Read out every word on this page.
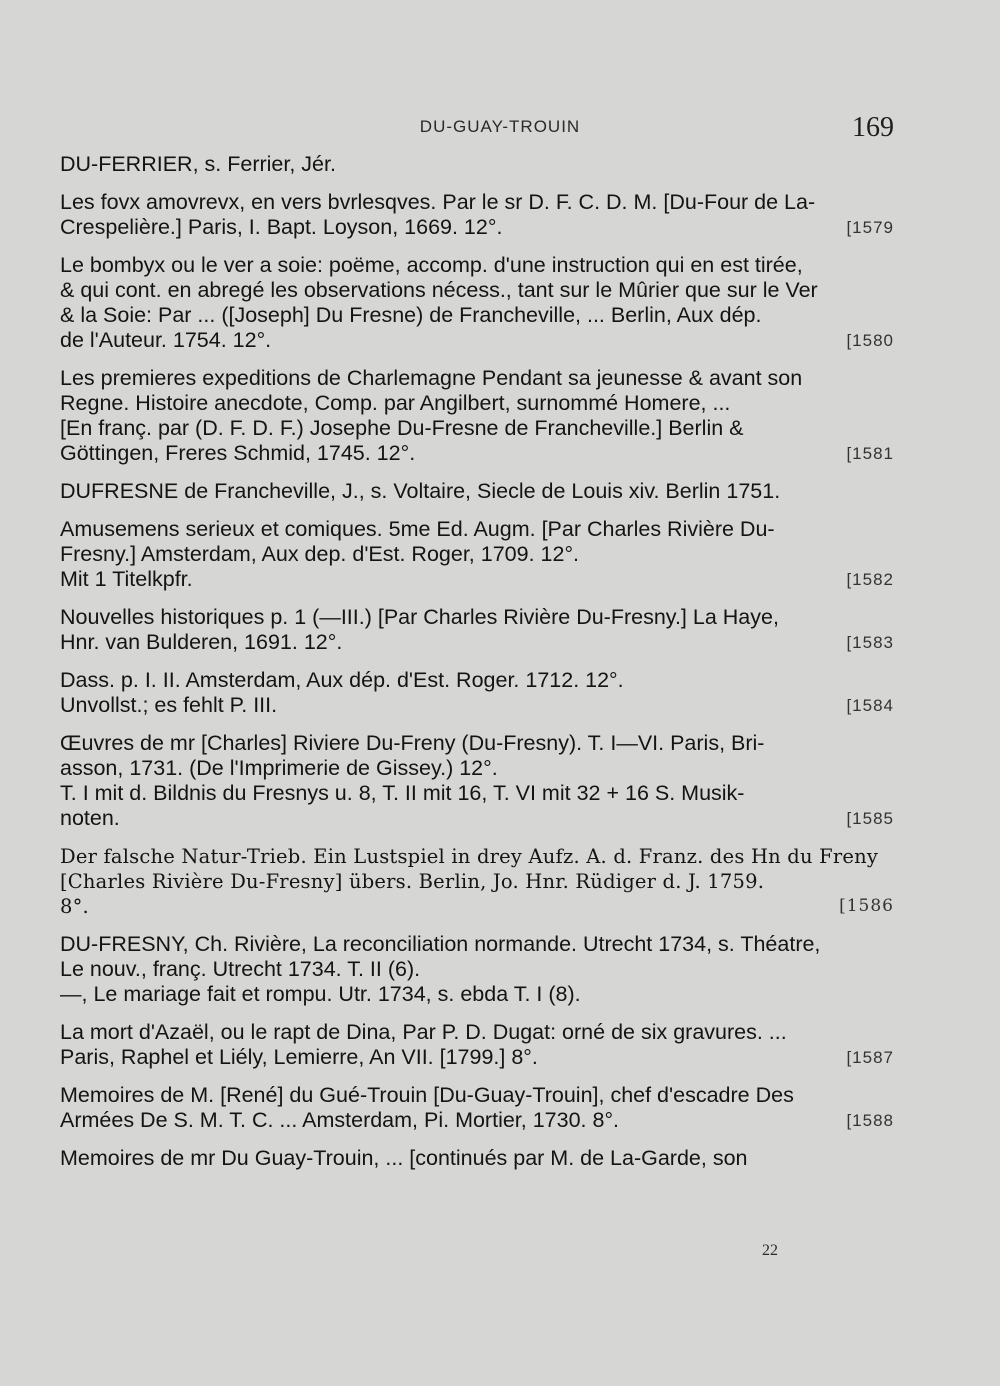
DU-GUAY-TROUIN	169
DU-FERRIER, s. Ferrier, Jér.
Les fovx amovrevx, en vers bvrlesqves. Par le sr D. F. C. D. M. [Du-Four de La-
Crespelière.] Paris, I. Bapt. Loyson, 1669. 12°.	[1579
Le bombyx ou le ver a soie: poëme, accomp. d'une instruction qui en est tirée,
& qui cont. en abregé les observations nécess., tant sur le Mûrier que sur le Ver
& la Soie: Par ... ([Joseph] Du Fresne) de Francheville, ... Berlin, Aux dép.
de l'Auteur. 1754. 12°.	[1580
Les premieres expeditions de Charlemagne Pendant sa jeunesse & avant son
Regne. Histoire anecdote, Comp. par Angilbert, surnommé Homere, ...
[En franç. par (D. F. D. F.) Josephe Du-Fresne de Francheville.] Berlin &
Göttingen, Freres Schmid, 1745. 12°.	[1581
DUFRESNE de Francheville, J., s. Voltaire, Siecle de Louis xiv. Berlin 1751.
Amusemens serieux et comiques. 5me Ed. Augm. [Par Charles Rivière Du-
Fresny.] Amsterdam, Aux dep. d'Est. Roger, 1709. 12°.
Mit 1 Titelkpfr.	[1582
Nouvelles historiques p. 1 (—III.) [Par Charles Rivière Du-Fresny.] La Haye,
Hnr. van Bulderen, 1691. 12°.	[1583
Dass. p. I. II. Amsterdam, Aux dép. d'Est. Roger. 1712. 12°.
Unvollst.; es fehlt P. III.	[1584
Œuvres de mr [Charles] Riviere Du-Freny (Du-Fresny). T. I—VI. Paris, Bri-
asson, 1731. (De l'Imprimerie de Gissey.) 12°.
T. I mit d. Bildnis du Fresnys u. 8, T. II mit 16, T. VI mit 32 + 16 S. Musik-
noten.	[1585
Der falsche Natur-Trieb. Ein Lustspiel in drey Aufz. A. d. Franz. des Hn du Freny
[Charles Rivière Du-Fresny] übers. Berlin, Jo. Hnr. Rüdiger d. J. 1759.
8°.	[1586
DU-FRESNY, Ch. Rivière, La reconciliation normande. Utrecht 1734, s. Théatre,
Le nouv., franç. Utrecht 1734. T. II (6).
—, Le mariage fait et rompu. Utr. 1734, s. ebda T. I (8).
La mort d'Azaël, ou le rapt de Dina, Par P. D. Dugat: orné de six gravures. ...
Paris, Raphel et Liély, Lemierre, An VII. [1799.] 8°.	[1587
Memoires de M. [René] du Gué-Trouin [Du-Guay-Trouin], chef d'escadre Des
Armées De S. M. T. C. ... Amsterdam, Pi. Mortier, 1730. 8°.	[1588
Memoires de mr Du Guay-Trouin, ... [continués par M. de La-Garde, son
22
